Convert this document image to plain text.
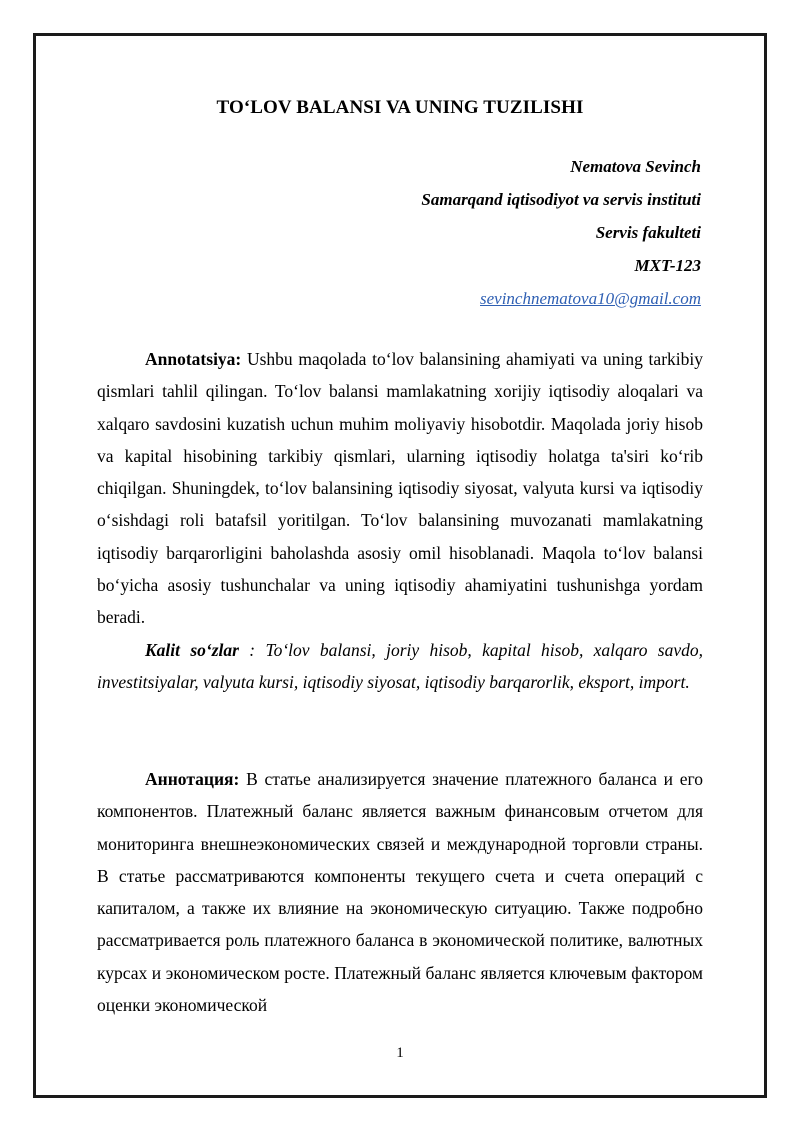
TO‘LOV BALANSI VA UNING TUZILISHI
Nematova Sevinch
Samarqand iqtisodiyot va servis instituti
Servis fakulteti
MXT-123
sevinchnematova10@gmail.com

Annotatsiya: Ushbu maqolada to‘lov balansining ahamiyati va uning tarkibiy qismlari tahlil qilingan. To‘lov balansi mamlakatning xorijiy iqtisodiy aloqalari va xalqaro savdosini kuzatish uchun muhim moliyaviy hisobotdir. Maqolada joriy hisob va kapital hisobining tarkibiy qismlari, ularning iqtisodiy holatga ta'siri ko‘rib chiqilgan. Shuningdek, to‘lov balansining iqtisodiy siyosat, valyuta kursi va iqtisodiy o‘sishdagi roli batafsil yoritilgan. To‘lov balansining muvozanati mamlakatning iqtisodiy barqarorligini baholashda asosiy omil hisoblanadi. Maqola to‘lov balansi bo‘yicha asosiy tushunchalar va uning iqtisodiy ahamiyatini tushunishga yordam beradi.

Kalit so‘zlar : To‘lov balansi, joriy hisob, kapital hisob, xalqaro savdo, investitsiyalar, valyuta kursi, iqtisodiy siyosat, iqtisodiy barqarorlik, eksport, import.

Аннотация: В статье анализируется значение платежного баланса и его компонентов. Платежный баланс является важным финансовым отчетом для мониторинга внешнеэкономических связей и международной торговли страны. В статье рассматриваются компоненты текущего счета и счета операций с капиталом, а также их влияние на экономическую ситуацию. Также подробно рассматривается роль платежного баланса в экономической политике, валютных курсах и экономическом росте. Платежный баланс является ключевым фактором оценки экономической

1
